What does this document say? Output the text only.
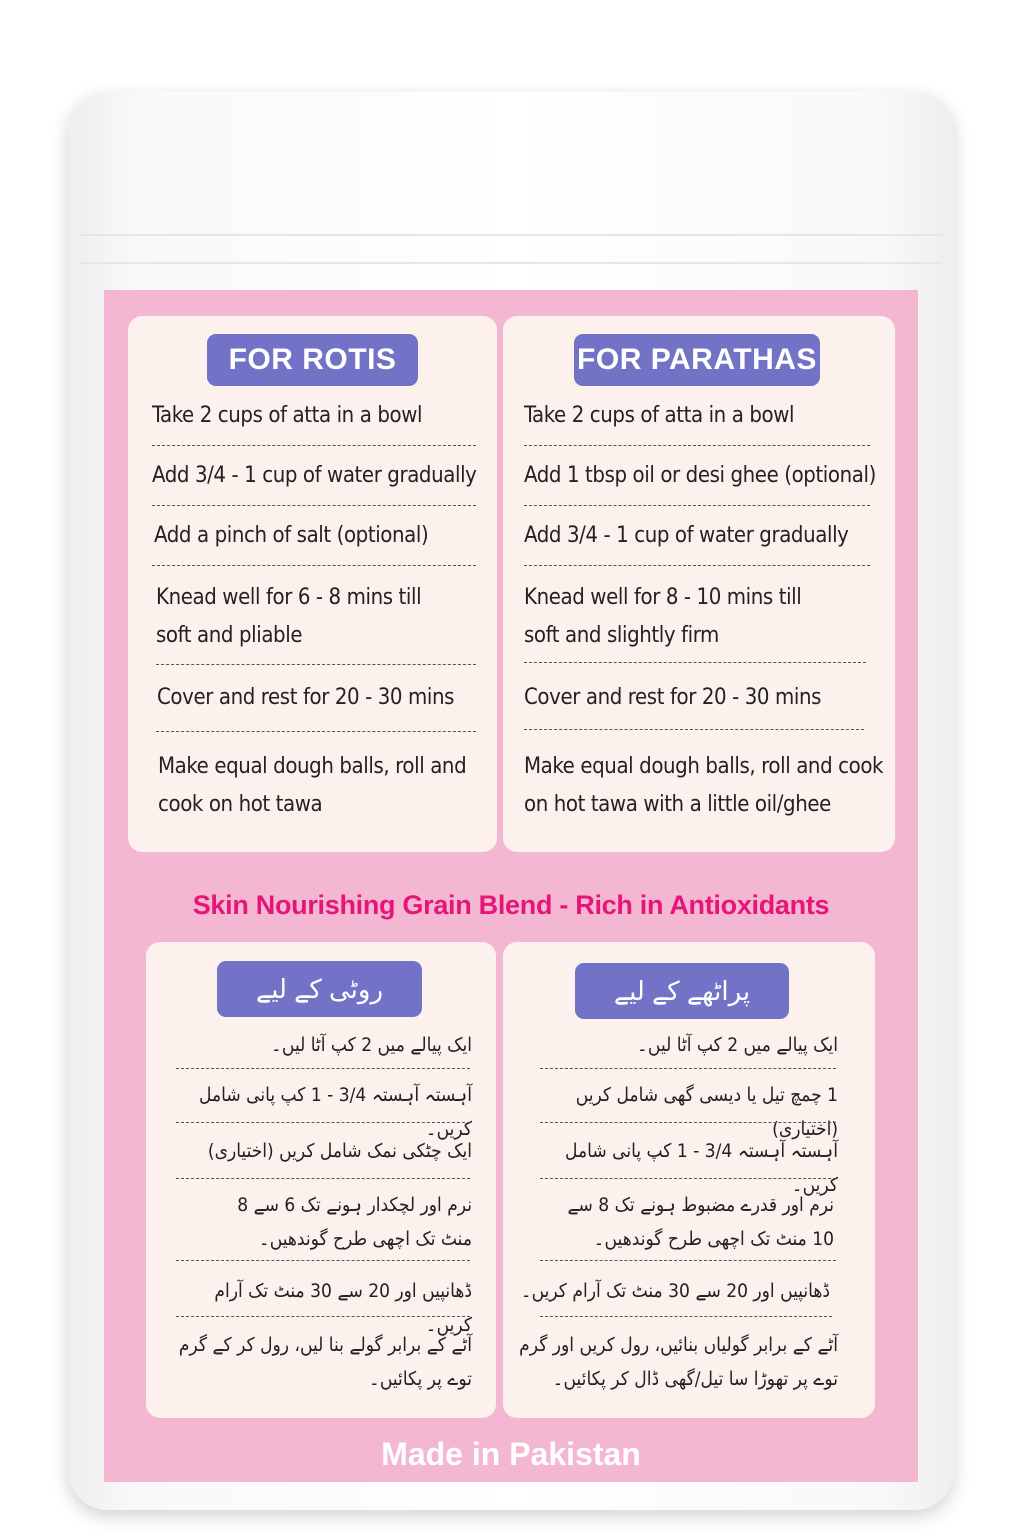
FOR ROTIS	FOR PARATHAS
Take 2 cups of atta in a bowl
Add 3/4 - 1 cup of water gradually
Add a pinch of salt (optional)
Knead well for 6 - 8 mins till
soft and pliable
Cover and rest for 20 - 30 mins
Make equal dough balls, roll and
cook on hot tawa
Take 2 cups of atta in a bowl
Add 1 tbsp oil or desi ghee (optional)
Add 3/4 - 1 cup of water gradually
Knead well for 8 - 10 mins till
soft and slightly firm
Cover and rest for 20 - 30 mins
Make equal dough balls, roll and cook
on hot tawa with a little oil/ghee
Skin Nourishing Grain Blend - Rich in Antioxidants
روٹی کے لیے	پراٹھے کے لیے
ایک پیالے میں 2 کپ آٹا لیں۔
آہستہ آہستہ 3/4 - 1 کپ پانی شامل کریں۔
ایک چٹکی نمک شامل کریں (اختیاری)
نرم اور لچکدار ہونے تک 6 سے 8
منٹ تک اچھی طرح گوندھیں۔
ڈھانپیں اور 20 سے 30 منٹ تک آرام کریں۔
آٹے کے برابر گولے بنا لیں، رول کر کے گرم
توے پر پکائیں۔
ایک پیالے میں 2 کپ آٹا لیں۔
1 چمچ تیل یا دیسی گھی شامل کریں (اختیاری)
آہستہ آہستہ 3/4 - 1 کپ پانی شامل کریں۔
نرم اور قدرے مضبوط ہونے تک 8 سے
10 منٹ تک اچھی طرح گوندھیں۔
ڈھانپیں اور 20 سے 30 منٹ تک آرام کریں۔
آٹے کے برابر گولیاں بنائیں، رول کریں اور گرم
توے پر تھوڑا سا تیل/گھی ڈال کر پکائیں۔
Made in Pakistan
